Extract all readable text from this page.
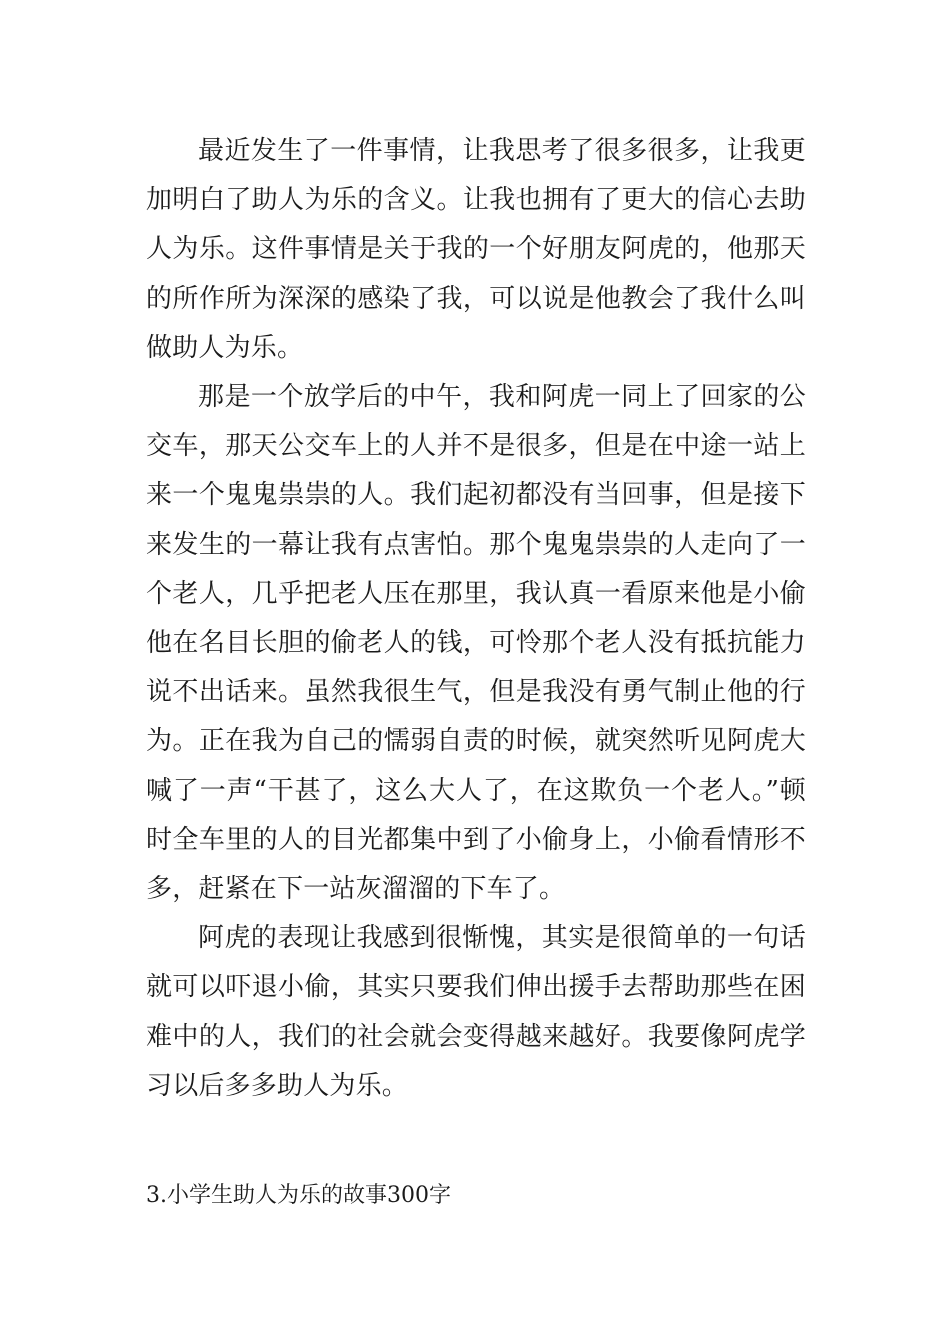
最近发生了一件事情，让我思考了很多很多，让我更加明白了助人为乐的含义。让我也拥有了更大的信心去助人为乐。这件事情是关于我的一个好朋友阿虎的，他那天的所作所为深深的感染了我，可以说是他教会了我什么叫做助人为乐。

那是一个放学后的中午，我和阿虎一同上了回家的公交车，那天公交车上的人并不是很多，但是在中途一站上来一个鬼鬼祟祟的人。我们起初都没有当回事，但是接下来发生的一幕让我有点害怕。那个鬼鬼祟祟的人走向了一个老人，几乎把老人压在那里，我认真一看原来他是小偷他在名目长胆的偷老人的钱，可怜那个老人没有抵抗能力说不出话来。虽然我很生气，但是我没有勇气制止他的行为。正在我为自己的懦弱自责的时候，就突然听见阿虎大喊了一声“干甚了，这么大人了，在这欺负一个老人。”顿时全车里的人的目光都集中到了小偷身上，小偷看情形不多，赶紧在下一站灰溜溜的下车了。

阿虎的表现让我感到很惭愧，其实是很简单的一句话就可以吓退小偷，其实只要我们伸出援手去帮助那些在困难中的人，我们的社会就会变得越来越好。我要像阿虎学习以后多多助人为乐。

3.小学生助人为乐的故事300字
